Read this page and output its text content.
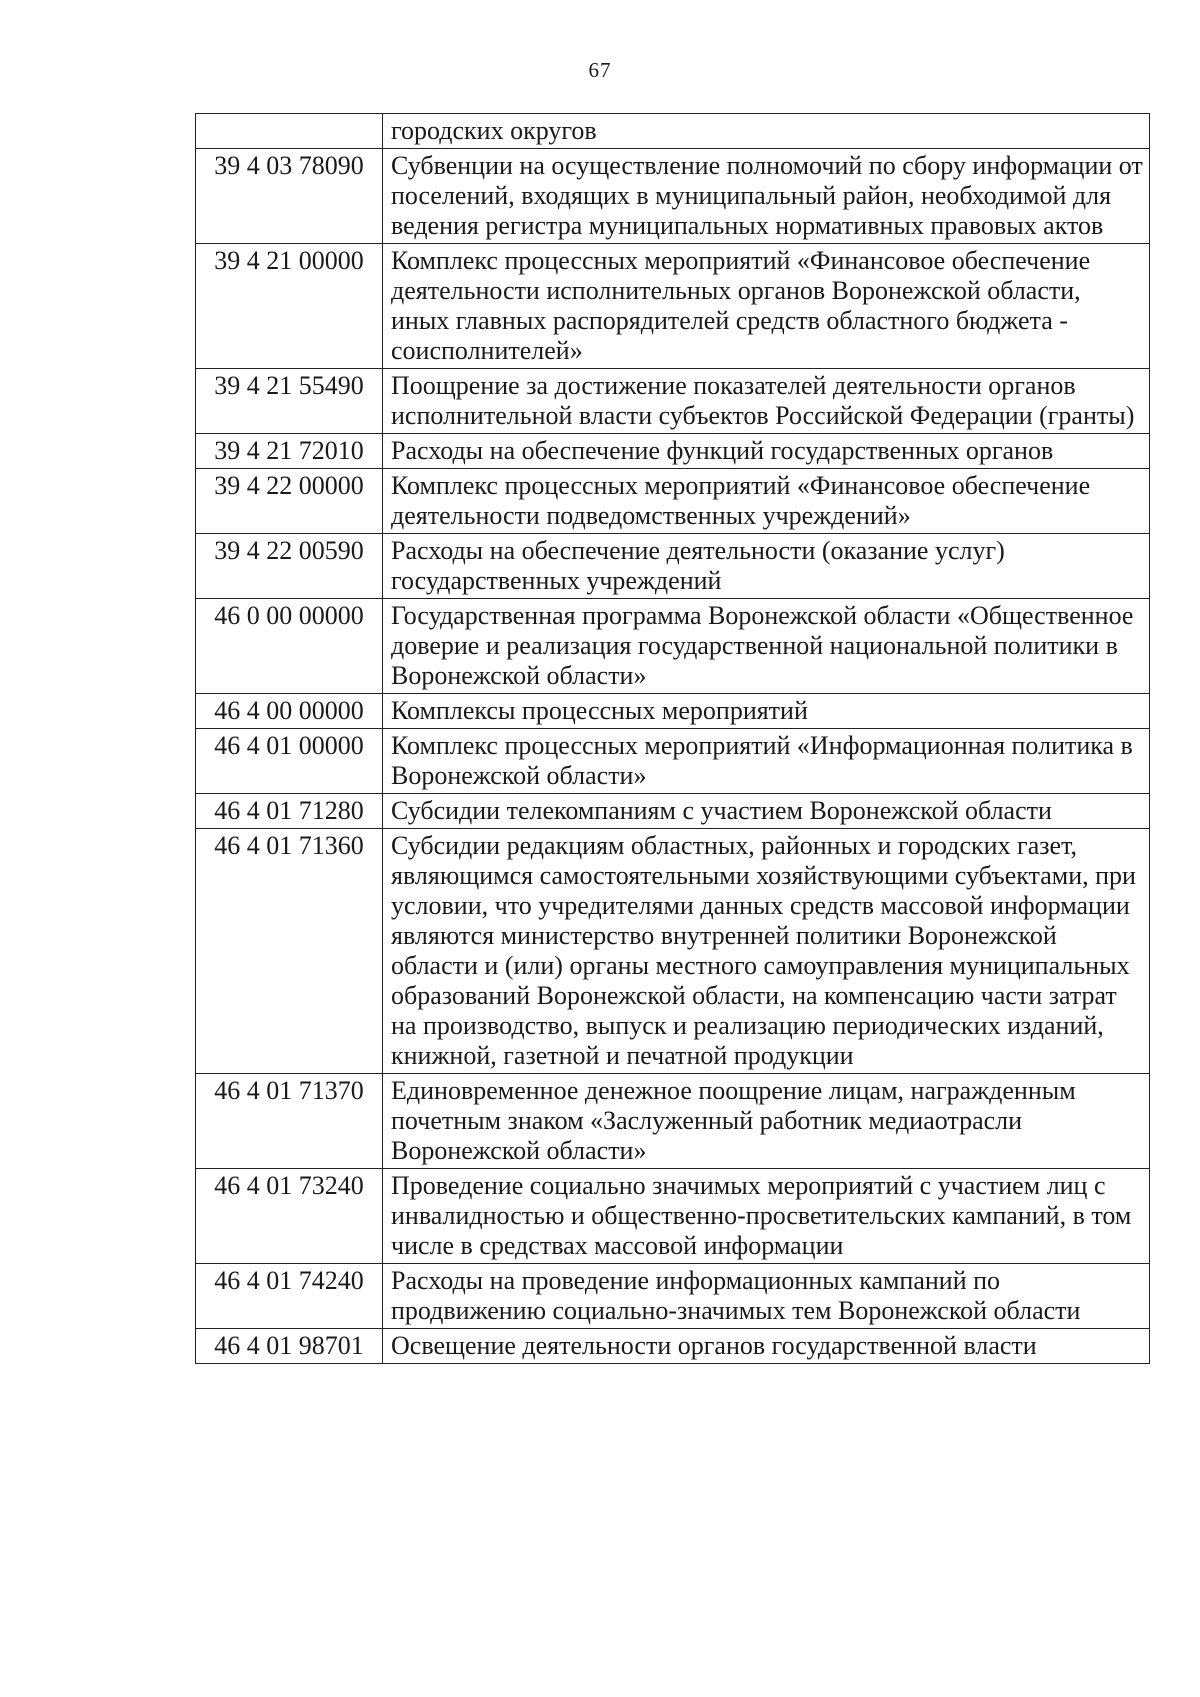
67
	городских округов
39 4 03 78090	Субвенции на осуществление полномочий по сбору информации от поселений, входящих в муниципальный район, необходимой для ведения регистра муниципальных нормативных правовых актов
39 4 21 00000	Комплекс процессных мероприятий «Финансовое обеспечение деятельности исполнительных органов Воронежской области, иных главных распорядителей средств областного бюджета - соисполнителей»
39 4 21 55490	Поощрение за достижение показателей деятельности органов исполнительной власти субъектов Российской Федерации (гранты)
39 4 21 72010	Расходы на обеспечение функций государственных органов
39 4 22 00000	Комплекс процессных мероприятий «Финансовое обеспечение деятельности подведомственных учреждений»
39 4 22 00590	Расходы на обеспечение деятельности (оказание услуг) государственных учреждений
46 0 00 00000	Государственная программа Воронежской области «Общественное доверие и реализация государственной национальной политики в Воронежской области»
46 4 00 00000	Комплексы процессных мероприятий
46 4 01 00000	Комплекс процессных мероприятий «Информационная политика в Воронежской области»
46 4 01 71280	Субсидии телекомпаниям с участием Воронежской области
46 4 01 71360	Субсидии редакциям областных, районных и городских газет, являющимся самостоятельными хозяйствующими субъектами, при условии, что учредителями данных средств массовой информации являются министерство внутренней политики Воронежской области и (или) органы местного самоуправления муниципальных образований Воронежской области, на компенсацию части затрат на производство, выпуск и реализацию периодических изданий, книжной, газетной и печатной продукции
46 4 01 71370	Единовременное денежное поощрение лицам, награжденным почетным знаком «Заслуженный работник медиаотрасли Воронежской области»
46 4 01 73240	Проведение социально значимых мероприятий с участием лиц с инвалидностью и общественно-просветительских кампаний, в том числе в средствах массовой информации
46 4 01 74240	Расходы на проведение информационных кампаний по продвижению социально-значимых тем Воронежской области
46 4 01 98701	Освещение деятельности органов государственной власти
